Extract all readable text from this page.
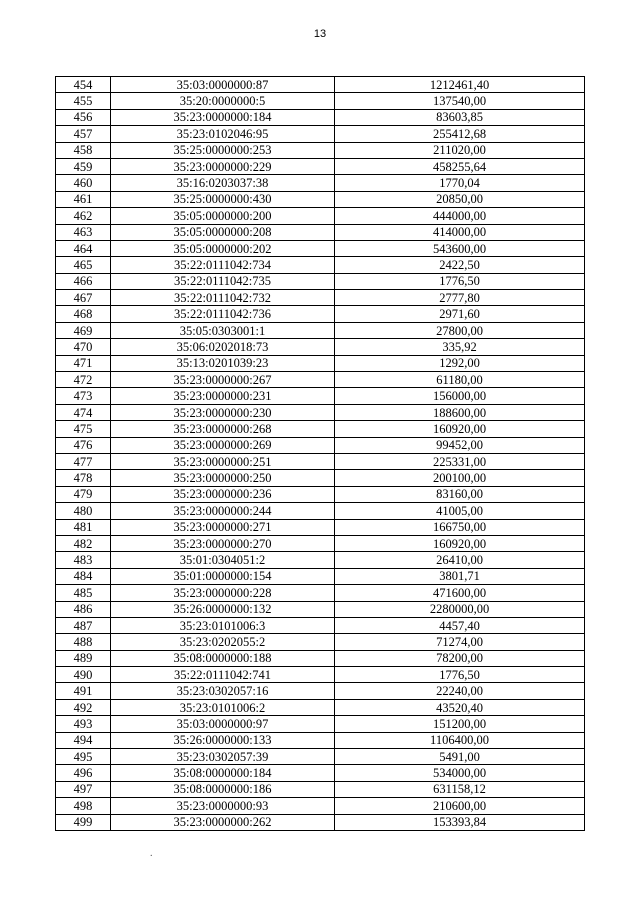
13
454	35:03:0000000:87	1212461,40
455	35:20:0000000:5	137540,00
456	35:23:0000000:184	83603,85
457	35:23:0102046:95	255412,68
458	35:25:0000000:253	211020,00
459	35:23:0000000:229	458255,64
460	35:16:0203037:38	1770,04
461	35:25:0000000:430	20850,00
462	35:05:0000000:200	444000,00
463	35:05:0000000:208	414000,00
464	35:05:0000000:202	543600,00
465	35:22:0111042:734	2422,50
466	35:22:0111042:735	1776,50
467	35:22:0111042:732	2777,80
468	35:22:0111042:736	2971,60
469	35:05:0303001:1	27800,00
470	35:06:0202018:73	335,92
471	35:13:0201039:23	1292,00
472	35:23:0000000:267	61180,00
473	35:23:0000000:231	156000,00
474	35:23:0000000:230	188600,00
475	35:23:0000000:268	160920,00
476	35:23:0000000:269	99452,00
477	35:23:0000000:251	225331,00
478	35:23:0000000:250	200100,00
479	35:23:0000000:236	83160,00
480	35:23:0000000:244	41005,00
481	35:23:0000000:271	166750,00
482	35:23:0000000:270	160920,00
483	35:01:0304051:2	26410,00
484	35:01:0000000:154	3801,71
485	35:23:0000000:228	471600,00
486	35:26:0000000:132	2280000,00
487	35:23:0101006:3	4457,40
488	35:23:0202055:2	71274,00
489	35:08:0000000:188	78200,00
490	35:22:0111042:741	1776,50
491	35:23:0302057:16	22240,00
492	35:23:0101006:2	43520,40
493	35:03:0000000:97	151200,00
494	35:26:0000000:133	1106400,00
495	35:23:0302057:39	5491,00
496	35:08:0000000:184	534000,00
497	35:08:0000000:186	631158,12
498	35:23:0000000:93	210600,00
499	35:23:0000000:262	153393,84
.
